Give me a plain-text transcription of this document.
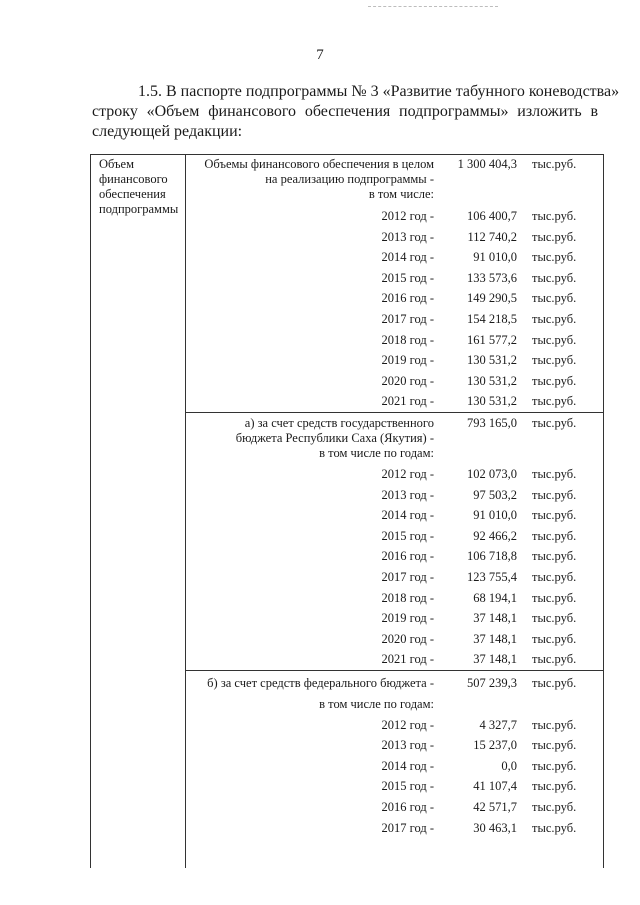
7
1.5. В паспорте подпрограммы № 3 «Развитие табунного коневодства»
строку «Объем финансового обеспечения подпрограммы» изложить в
следующей редакции:
Объем
финансового
обеспечения
подпрограммы
Объемы финансового обеспечения в целом
на реализацию подпрограммы -
в том числе:
1 300 404,3 тыс.руб.
2012 год -	106 400,7 тыс.руб.
2013 год -	112 740,2 тыс.руб.
2014 год -	91 010,0 тыс.руб.
2015 год -	133 573,6 тыс.руб.
2016 год -	149 290,5 тыс.руб.
2017 год -	154 218,5 тыс.руб.
2018 год -	161 577,2 тыс.руб.
2019 год -	130 531,2 тыс.руб.
2020 год -	130 531,2 тыс.руб.
2021 год -	130 531,2 тыс.руб.
а) за счет средств государственного
бюджета Республики Саха (Якутия) -
в том числе по годам:
793 165,0 тыс.руб.
2012 год -	102 073,0 тыс.руб.
2013 год -	97 503,2 тыс.руб.
2014 год -	91 010,0 тыс.руб.
2015 год -	92 466,2 тыс.руб.
2016 год -	106 718,8 тыс.руб.
2017 год -	123 755,4 тыс.руб.
2018 год -	68 194,1 тыс.руб.
2019 год -	37 148,1 тыс.руб.
2020 год -	37 148,1 тыс.руб.
2021 год -	37 148,1 тыс.руб.
б) за счет средств федерального бюджета -	507 239,3 тыс.руб.
в том числе по годам:
2012 год -	4 327,7 тыс.руб.
2013 год -	15 237,0 тыс.руб.
2014 год -	0,0 тыс.руб.
2015 год -	41 107,4 тыс.руб.
2016 год -	42 571,7 тыс.руб.
2017 год -	30 463,1 тыс.руб.
